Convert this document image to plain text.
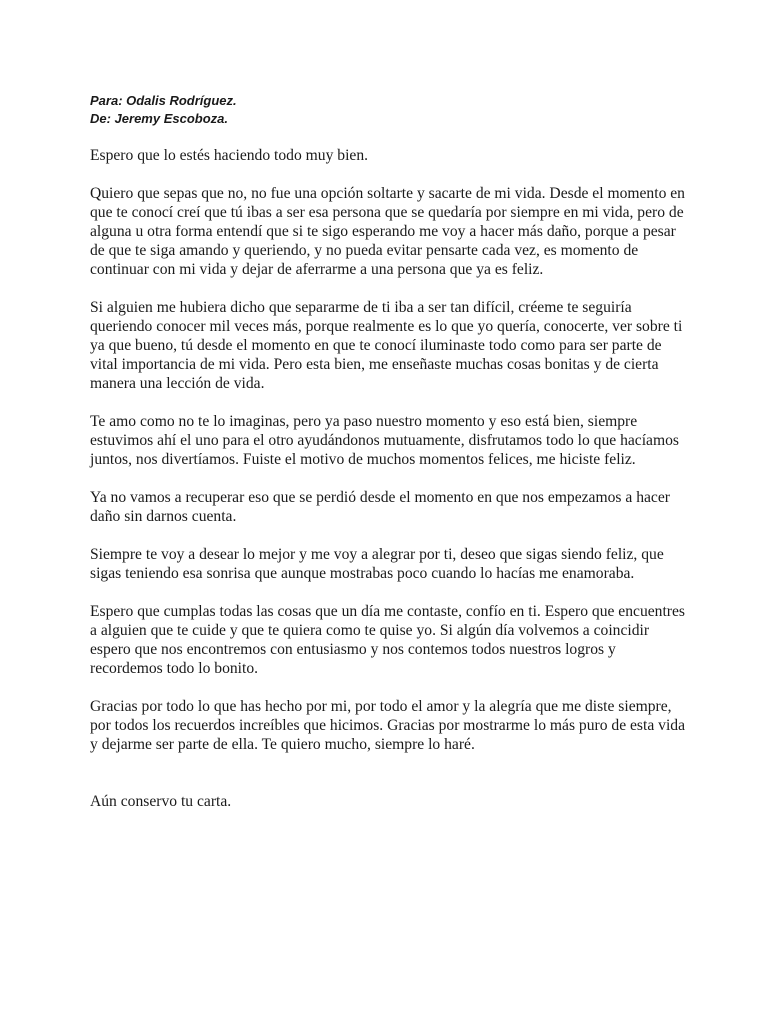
Para: Odalis Rodríguez.

De: Jeremy Escoboza.

Espero que lo estés haciendo todo muy bien.

Quiero que sepas que no, no fue una opción soltarte y sacarte de mi vida. Desde el momento en que te conocí creí que tú ibas a ser esa persona que se quedaría por siempre en mi vida, pero de alguna u otra forma entendí que si te sigo esperando me voy a hacer más daño, porque a pesar de que te siga amando y queriendo, y no pueda evitar pensarte cada vez, es momento de continuar con mi vida y dejar de aferrarme a una persona que ya es feliz.

Si alguien me hubiera dicho que separarme de ti iba a ser tan difícil, créeme te seguiría queriendo conocer mil veces más, porque realmente es lo que yo quería, conocerte, ver sobre ti ya que bueno, tú desde el momento en que te conocí iluminaste todo como para ser parte de vital importancia de mi vida. Pero esta bien, me enseñaste muchas cosas bonitas y de cierta manera una lección de vida.

Te amo como no te lo imaginas, pero ya paso nuestro momento y eso está bien, siempre estuvimos ahí el uno para el otro ayudándonos mutuamente, disfrutamos todo lo que hacíamos juntos, nos divertíamos. Fuiste el motivo de muchos momentos felices, me hiciste feliz.

Ya no vamos a recuperar eso que se perdió desde el momento en que nos empezamos a hacer daño sin darnos cuenta.

Siempre te voy a desear lo mejor y me voy a alegrar por ti, deseo que sigas siendo feliz, que sigas teniendo esa sonrisa que aunque mostrabas poco cuando lo hacías me enamoraba.

Espero que cumplas todas las cosas que un día me contaste, confío en ti. Espero que encuentres a alguien que te cuide y que te quiera como te quise yo. Si algún día volvemos a coincidir espero que nos encontremos con entusiasmo y nos contemos todos nuestros logros y recordemos todo lo bonito.

Gracias por todo lo que has hecho por mi, por todo el amor y la alegría que me diste siempre, por todos los recuerdos increíbles que hicimos. Gracias por mostrarme lo más puro de esta vida y dejarme ser parte de ella. Te quiero mucho, siempre lo haré.

Aún conservo tu carta.
